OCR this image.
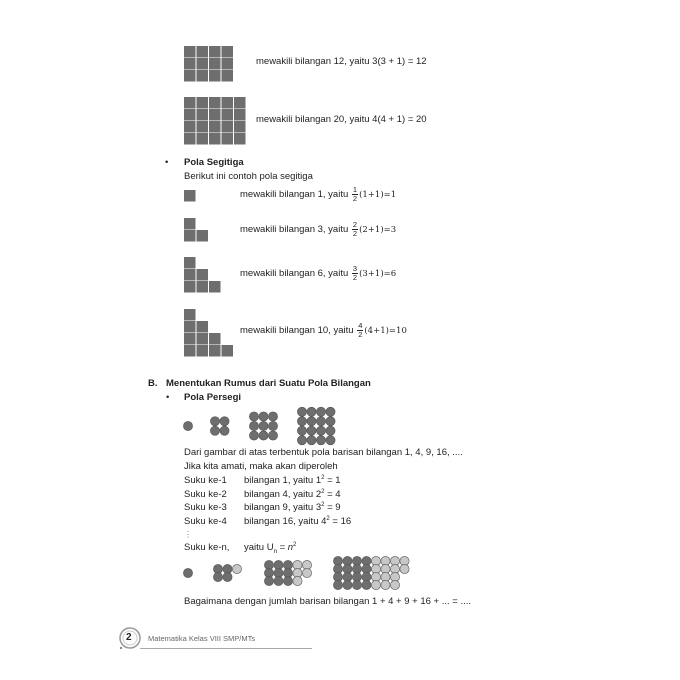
mewakili bilangan 12, yaitu 3(3 + 1) = 12
mewakili bilangan 20, yaitu 4(4 + 1) = 20
• Pola Segitiga
Berikut ini contoh pola segitiga
mewakili bilangan 1, yaitu $\frac{1}{2} (1+1)=1$
mewakili bilangan 3, yaitu $\frac{2}{2} (2+1)=3$
mewakili bilangan 6, yaitu $\frac{3}{2} (3+1)=6$
mewakili bilangan 10, yaitu $\frac{4}{2} (4+1)=10$
B. Menentukan Rumus dari Suatu Pola Bilangan
• Pola Persegi
Dari gambar di atas terbentuk pola barisan bilangan 1, 4, 9, 16, ....
Jika kita amati, maka akan diperoleh
Suku ke-1 bilangan 1, yaitu $1^2 = 1$
Suku ke-2 bilangan 4, yaitu $2^2 = 4$
Suku ke-3 bilangan 9, yaitu $3^2 = 9$
Suku ke-4 bilangan 16, yaitu $4^2 = 16$
⋮
Suku ke-n, yaitu $U_n = n^2$
Bagaimana dengan jumlah barisan bilangan 1 + 4 + 9 + 16 + ... = ....
2 Matematika Kelas VIII SMP/MTs
